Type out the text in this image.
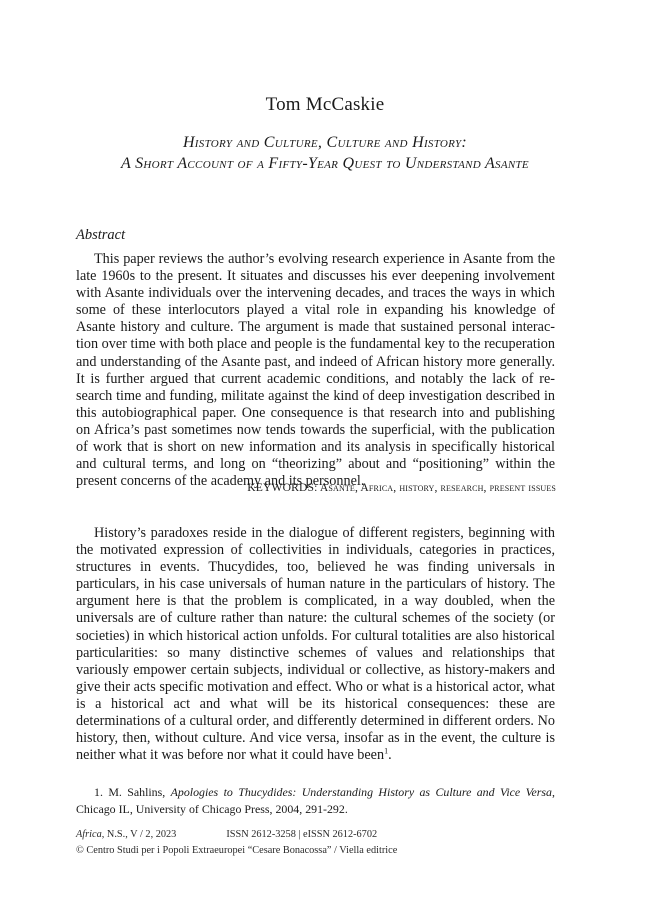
Tom McCaskie
History and Culture, Culture and History:
A Short Account of a Fifty-Year Quest to Understand Asante
Abstract

This paper reviews the author’s evolving research experience in Asante from the late 1960s to the present. It situates and discusses his ever deepening involvement with Asante individuals over the intervening decades, and traces the ways in which some of these interlocutors played a vital role in expanding his knowledge of Asante history and culture. The argument is made that sustained personal interaction over time with both place and people is the fundamental key to the recuperation and understanding of the Asante past, and indeed of African history more generally. It is further argued that current academic conditions, and notably the lack of research time and funding, militate against the kind of deep investigation described in this autobiographical paper. One consequence is that research into and publishing on Africa’s past sometimes now tends towards the superficial, with the publication of work that is short on new information and its analysis in specifically historical and cultural terms, and long on “theorizing” about and “positioning” within the present concerns of the academy and its personnel.

KEYWORDS: Asante, Africa, history, research, present issues

History’s paradoxes reside in the dialogue of different registers, beginning with the motivated expression of collectivities in individuals, categories in practices, structures in events. Thucydides, too, believed he was finding universals in particulars, in his case universals of human nature in the particulars of history. The argument here is that the problem is complicated, in a way doubled, when the universals are of culture rather than nature: the cultural schemes of the society (or societies) in which historical action unfolds. For cultural totalities are also historical particularities: so many distinctive schemes of values and relationships that variously empower certain subjects, individual or collective, as history-makers and give their acts specific motivation and effect. Who or what is a historical actor, what is a historical act and what will be its historical consequences: these are determinations of a cultural order, and differently determined in different orders. No history, then, without culture. And vice versa, insofar as in the event, the culture is neither what it was before nor what it could have been$^1$.

1. M. Sahlins, Apologies to Thucydides: Understanding History as Culture and Vice Versa, Chicago IL, University of Chicago Press, 2004, 291-292.

Africa, N.S., V / 2, 2023	ISSN 2612-3258 | eISSN 2612-6702
© Centro Studi per i Popoli Extraeuropei “Cesare Bonacossa” / Viella editrice
